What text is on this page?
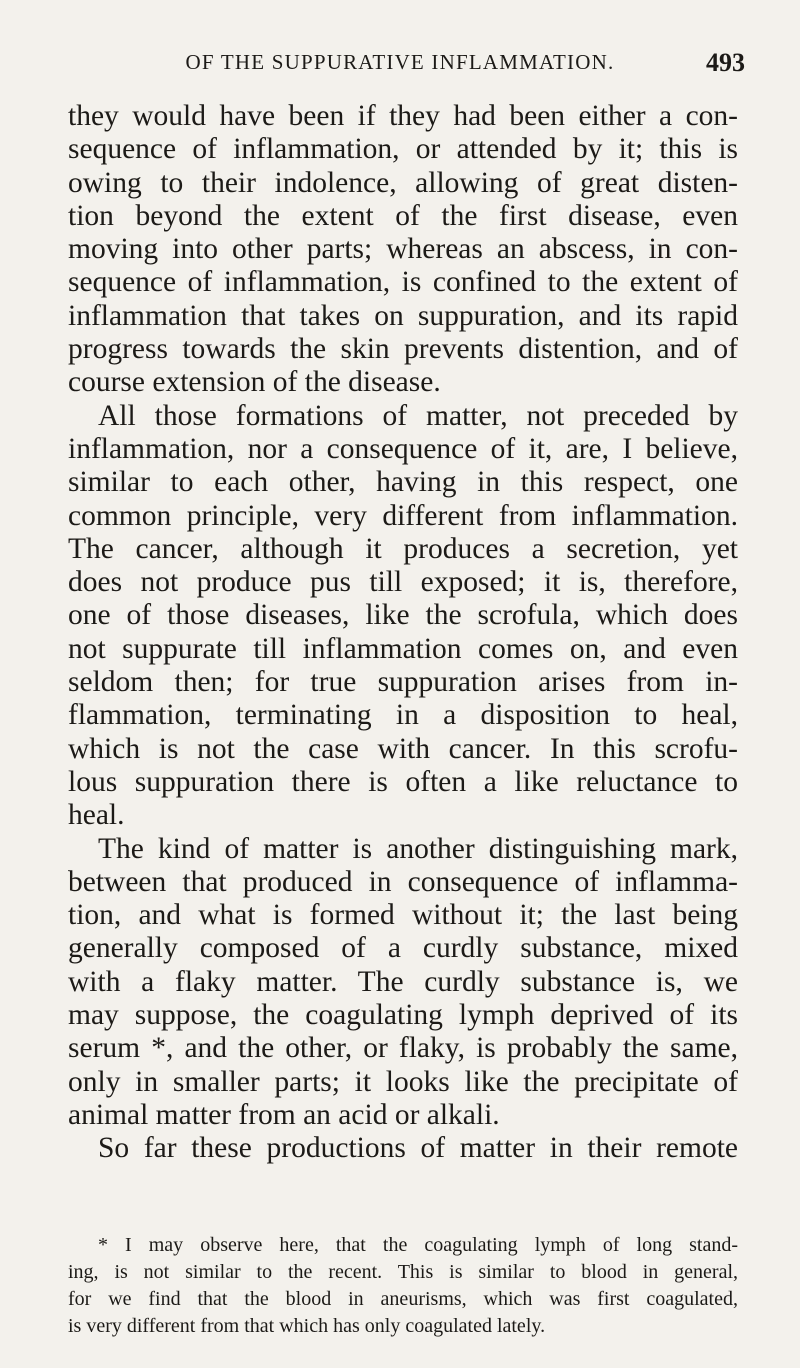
OF THE SUPPURATIVE INFLAMMATION.	493

they would have been if they had been either a con-
sequence of inflammation, or attended by it; this is
owing to their indolence, allowing of great disten-
tion beyond the extent of the first disease, even
moving into other parts; whereas an abscess, in con-
sequence of inflammation, is confined to the extent of
inflammation that takes on suppuration, and its rapid
progress towards the skin prevents distention, and of
course extension of the disease.

All those formations of matter, not preceded by
inflammation, nor a consequence of it, are, I believe,
similar to each other, having in this respect, one
common principle, very different from inflammation.
The cancer, although it produces a secretion, yet
does not produce pus till exposed; it is, therefore,
one of those diseases, like the scrofula, which does
not suppurate till inflammation comes on, and even
seldom then; for true suppuration arises from in-
flammation, terminating in a disposition to heal,
which is not the case with cancer. In this scrofu-
lous suppuration there is often a like reluctance to
heal.

The kind of matter is another distinguishing mark,
between that produced in consequence of inflamma-
tion, and what is formed without it; the last being
generally composed of a curdly substance, mixed
with a flaky matter. The curdly substance is, we
may suppose, the coagulating lymph deprived of its
serum *, and the other, or flaky, is probably the same,
only in smaller parts; it looks like the precipitate of
animal matter from an acid or alkali.

So far these productions of matter in their remote

* I may observe here, that the coagulating lymph of long stand-
ing, is not similar to the recent. This is similar to blood in general,
for we find that the blood in aneurisms, which was first coagulated,
is very different from that which has only coagulated lately.
